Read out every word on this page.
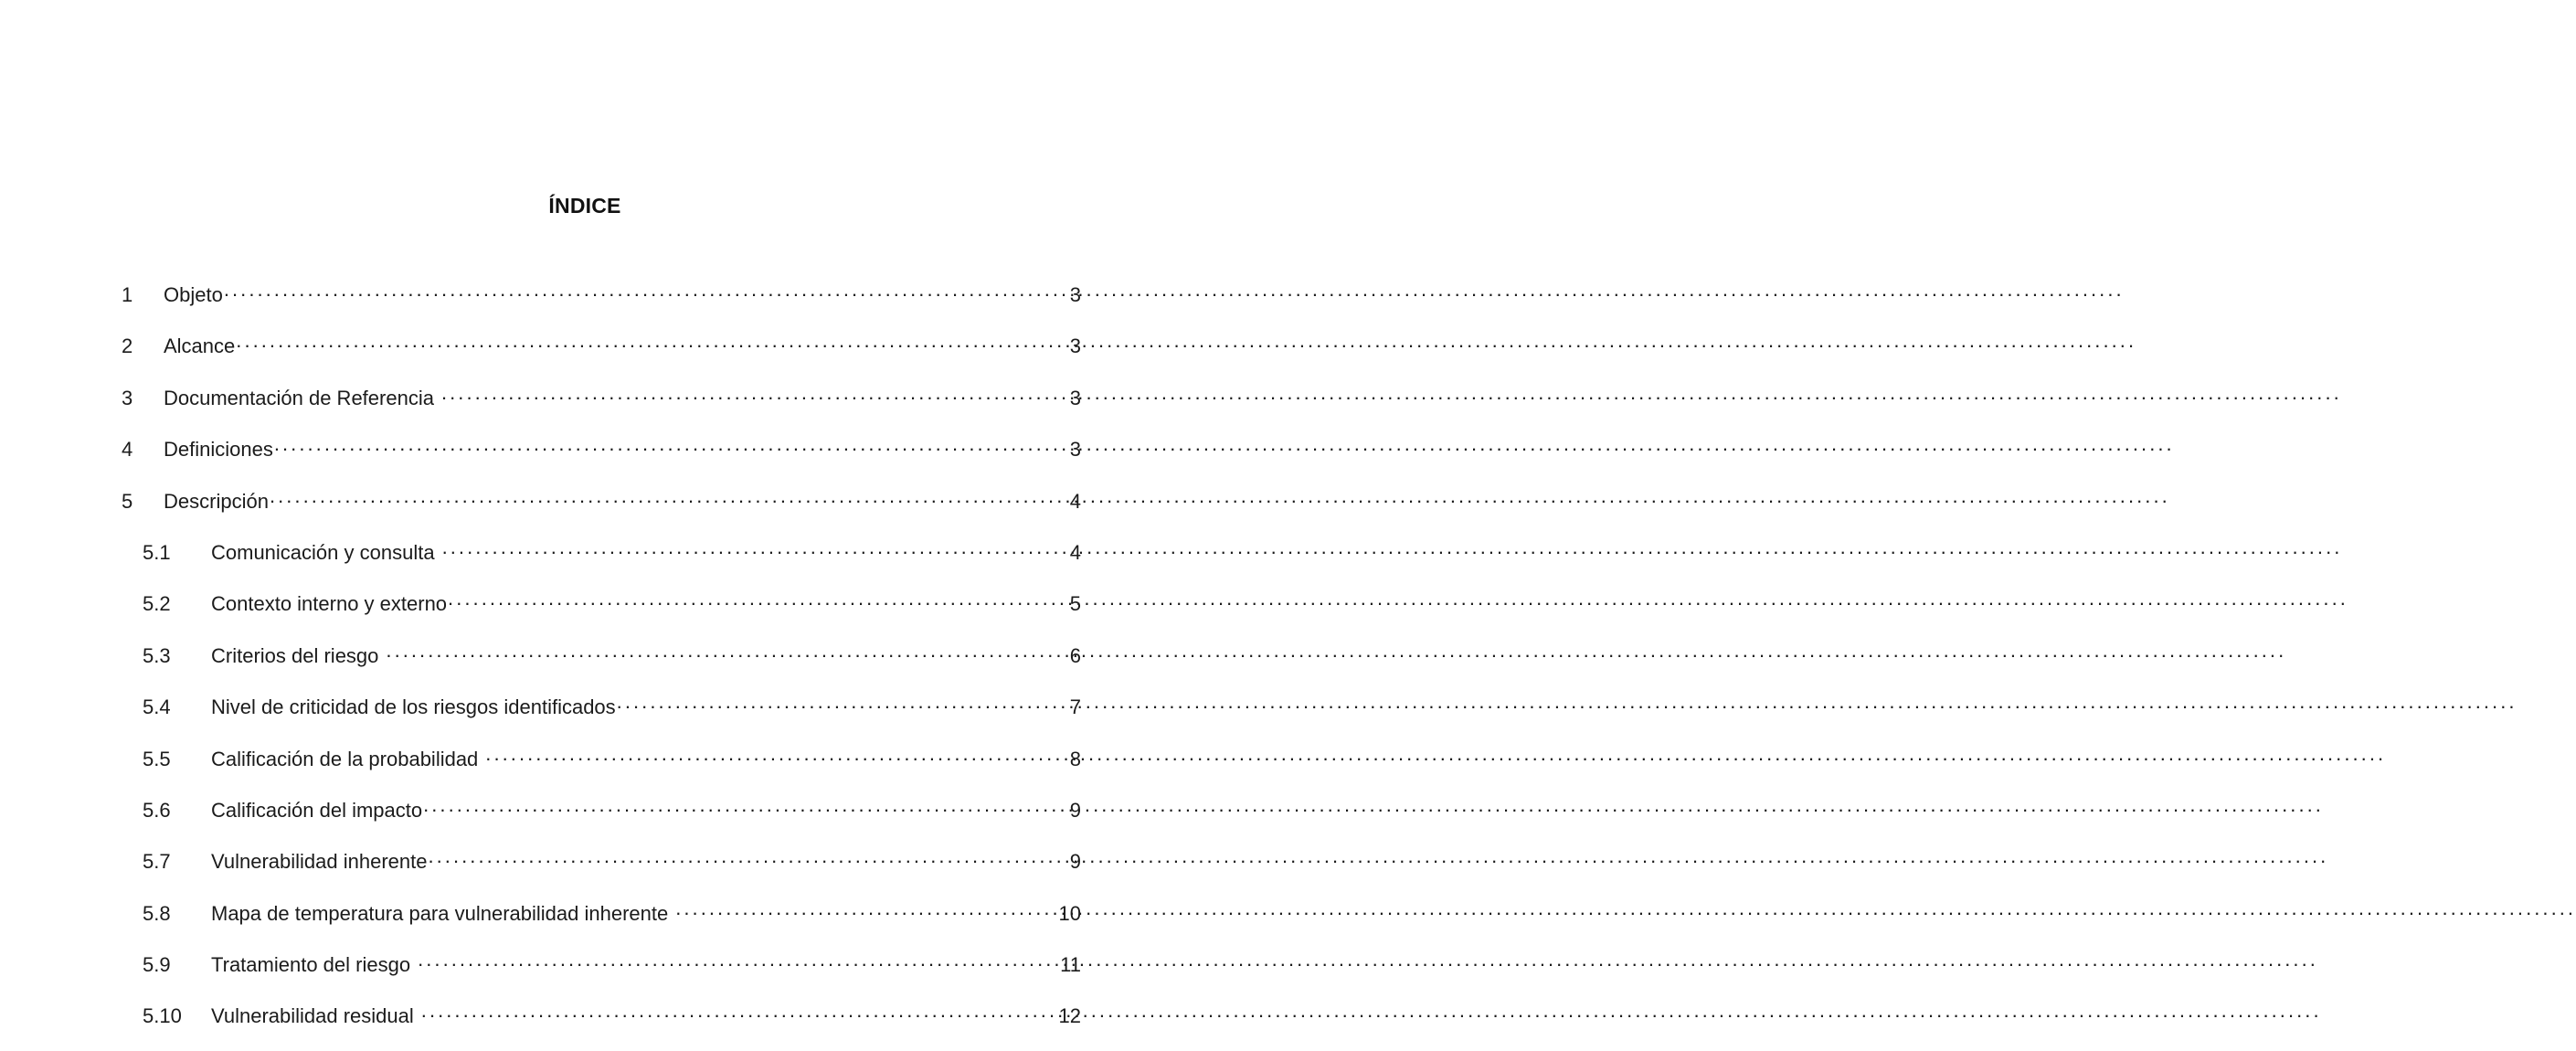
ÍNDICE
1	Objeto .....	3
2	Alcance .....	3
3	Documentación de Referencia .....	3
4	Definiciones .....	3
5	Descripción .....	4
5.1	Comunicación y consulta .....	4
5.2	Contexto interno y externo .....	5
5.3	Criterios del riesgo .....	6
5.4	Nivel de criticidad de los riesgos identificados .....	7
5.5	Calificación de la probabilidad .....	8
5.6	Calificación del impacto .....	9
5.7	Vulnerabilidad inherente .....	9
5.8	Mapa de temperatura para vulnerabilidad inherente .....	10
5.9	Tratamiento del riesgo .....	11
5.10	Vulnerabilidad residual .....	12
